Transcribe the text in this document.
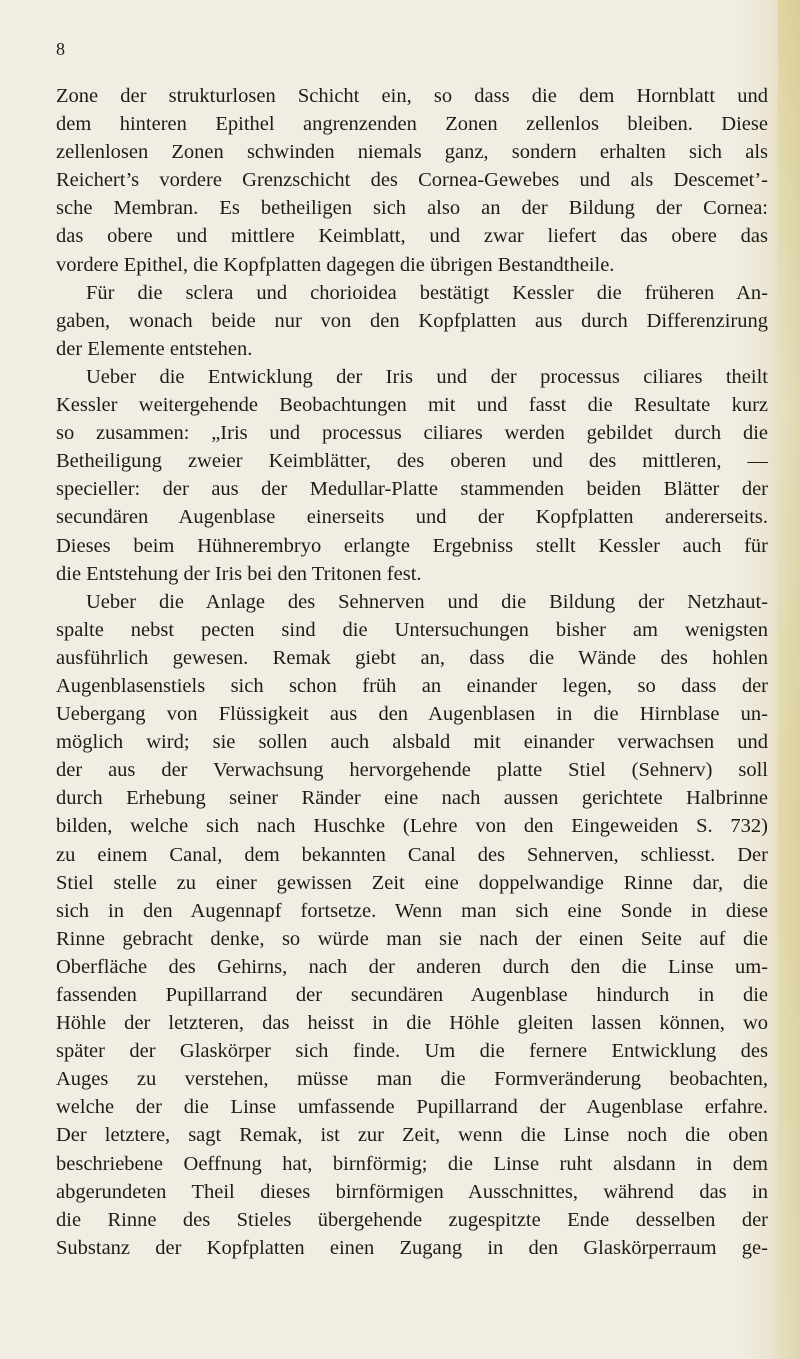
8
Zone der strukturlosen Schicht ein, so dass die dem Hornblatt und
dem hinteren Epithel angrenzenden Zonen zellenlos bleiben. Diese
zellenlosen Zonen schwinden niemals ganz, sondern erhalten sich als
Reichert’s vordere Grenzschicht des Cornea-Gewebes und als Descemet’-
sche Membran. Es betheiligen sich also an der Bildung der Cornea:
das obere und mittlere Keimblatt, und zwar liefert das obere das
vordere Epithel, die Kopfplatten dagegen die übrigen Bestandtheile.
Für die sclera und chorioidea bestätigt Kessler die früheren An-
gaben, wonach beide nur von den Kopfplatten aus durch Differenzirung
der Elemente entstehen.
Ueber die Entwicklung der Iris und der processus ciliares theilt
Kessler weitergehende Beobachtungen mit und fasst die Resultate kurz
so zusammen: „Iris und processus ciliares werden gebildet durch die
Betheiligung zweier Keimblätter, des oberen und des mittleren, —
specieller: der aus der Medullar-Platte stammenden beiden Blätter der
secundären Augenblase einerseits und der Kopfplatten andererseits.
Dieses beim Hühnerembryo erlangte Ergebniss stellt Kessler auch für
die Entstehung der Iris bei den Tritonen fest.
Ueber die Anlage des Sehnerven und die Bildung der Netzhaut-
spalte nebst pecten sind die Untersuchungen bisher am wenigsten
ausführlich gewesen. Remak giebt an, dass die Wände des hohlen
Augenblasenstiels sich schon früh an einander legen, so dass der
Uebergang von Flüssigkeit aus den Augenblasen in die Hirnblase un-
möglich wird; sie sollen auch alsbald mit einander verwachsen und
der aus der Verwachsung hervorgehende platte Stiel (Sehnerv) soll
durch Erhebung seiner Ränder eine nach aussen gerichtete Halbrinne
bilden, welche sich nach Huschke (Lehre von den Eingeweiden S. 732)
zu einem Canal, dem bekannten Canal des Sehnerven, schliesst. Der
Stiel stelle zu einer gewissen Zeit eine doppelwandige Rinne dar, die
sich in den Augennapf fortsetze. Wenn man sich eine Sonde in diese
Rinne gebracht denke, so würde man sie nach der einen Seite auf die
Oberfläche des Gehirns, nach der anderen durch den die Linse um-
fassenden Pupillarrand der secundären Augenblase hindurch in die
Höhle der letzteren, das heisst in die Höhle gleiten lassen können, wo
später der Glaskörper sich finde. Um die fernere Entwicklung des
Auges zu verstehen, müsse man die Formveränderung beobachten,
welche der die Linse umfassende Pupillarrand der Augenblase erfahre.
Der letztere, sagt Remak, ist zur Zeit, wenn die Linse noch die oben
beschriebene Oeffnung hat, birnförmig; die Linse ruht alsdann in dem
abgerundeten Theil dieses birnförmigen Ausschnittes, während das in
die Rinne des Stieles übergehende zugespitzte Ende desselben der
Substanz der Kopfplatten einen Zugang in den Glaskörperraum ge-
